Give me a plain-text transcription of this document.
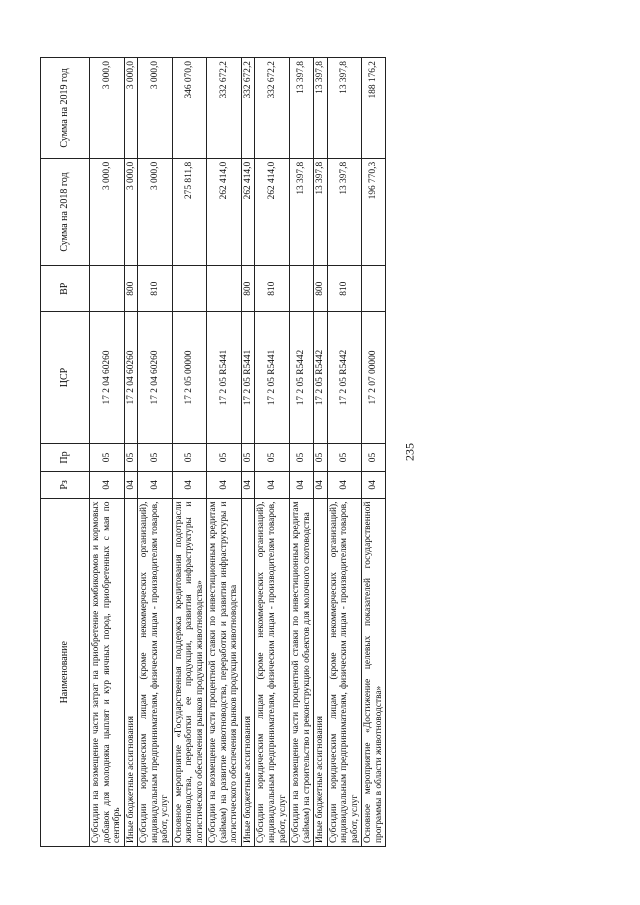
235
Наименование	Рз	Пр	ЦСР	ВР	Сумма на 2018 год	Сумма на 2019 год
Субсидии на возмещение части затрат на приобретение комбикормов и кормовых добавок для молодняка цыплят и кур яичных пород, приобретенных с мая по сентябрь	04	05	17 2 04 60260		3 000,0	3 000,0
Иные бюджетные ассигнования	04	05	17 2 04 60260	800	3 000,0	3 000,0
Субсидии юридическим лицам (кроме некоммерческих организаций), индивидуальным предпринимателям, физическим лицам - производителям товаров, работ, услуг	04	05	17 2 04 60260	810	3 000,0	3 000,0
Основное мероприятие «Государственная поддержка кредитования подотрасли животноводства, переработки ее продукции, развития инфраструктуры и логистического обеспечения рынков продукции животноводства»	04	05	17 2 05 00000		275 811,8	346 070,0
Субсидии на возмещение части процентной ставки по инвестиционным кредитам (займам) на развитие животноводства, переработки и развития инфраструктуры и логистического обеспечения рынков продукции животноводства	04	05	17 2 05 R5441		262 414,0	332 672,2
Иные бюджетные ассигнования	04	05	17 2 05 R5441	800	262 414,0	332 672,2
Субсидии юридическим лицам (кроме некоммерческих организаций), индивидуальным предпринимателям, физическим лицам - производителям товаров, работ, услуг	04	05	17 2 05 R5441	810	262 414,0	332 672,2
Субсидии на возмещение части процентной ставки по инвестиционным кредитам (займам) на строительство и реконструкцию объектов для молочного скотоводства	04	05	17 2 05 R5442		13 397,8	13 397,8
Иные бюджетные ассигнования	04	05	17 2 05 R5442	800	13 397,8	13 397,8
Субсидии юридическим лицам (кроме некоммерческих организаций), индивидуальным предпринимателям, физическим лицам - производителям товаров, работ, услуг	04	05	17 2 05 R5442	810	13 397,8	13 397,8
Основное мероприятие «Достижение целевых показателей государственной программы в области животноводства»	04	05	17 2 07 00000		196 770,3	188 176,2
